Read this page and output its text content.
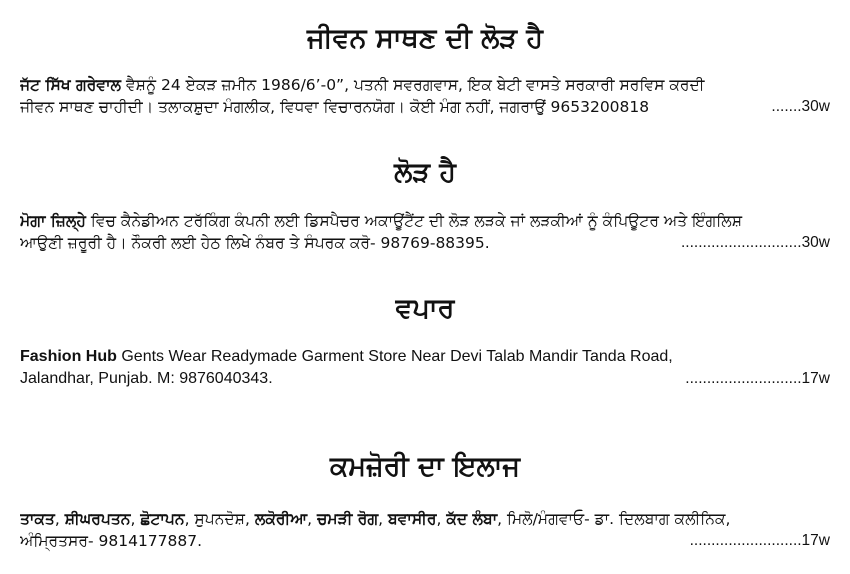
ਜੀਵਨ ਸਾਥਣ ਦੀ ਲੋੜ ਹੈ
ਜੱਟ ਸਿੱਖ ਗਰੇਵਾਲ ਵੈਸ਼ਨੂੰ 24 ਏਕੜ ਜ਼ਮੀਨ 1986/6’-0”, ਪਤਨੀ ਸਵਰਗਵਾਸ, ਇਕ ਬੇਟੀ ਵਾਸਤੇ ਸਰਕਾਰੀ ਸਰਵਿਸ ਕਰਦੀ
ਜੀਵਨ ਸਾਥਣ ਚਾਹੀਦੀ। ਤਲਾਕਸ਼ੁਦਾ ਮੰਗਲੀਕ, ਵਿਧਵਾ ਵਿਚਾਰਨਯੋਗ। ਕੋਈ ਮੰਗ ਨਹੀਂ, ਜਗਰਾਉਂ 9653200818	.......30w
ਲੋੜ ਹੈ
ਮੋਗਾ ਜ਼ਿਲ੍ਹੇ ਵਿਚ ਕੈਨੇਡੀਅਨ ਟਰੱਕਿੰਗ ਕੰਪਨੀ ਲਈ ਡਿਸਪੈਚਰ ਅਕਾਊਂਟੈਂਟ ਦੀ ਲੋੜ ਲੜਕੇ ਜਾਂ ਲੜਕੀਆਂ ਨੂੰ ਕੰਪਿਊਟਰ ਅਤੇ ਇੰਗਲਿਸ਼
ਆਉਣੀ ਜ਼ਰੂਰੀ ਹੈ। ਨੌਕਰੀ ਲਈ ਹੇਠ ਲਿਖੇ ਨੰਬਰ ਤੇ ਸੰਪਰਕ ਕਰੋ- 98769-88395.	............................30w
ਵਪਾਰ
Fashion Hub Gents Wear Readymade Garment Store Near Devi Talab Mandir Tanda Road,
Jalandhar, Punjab. M: 9876040343.	...........................17w
ਕਮਜ਼ੋਰੀ ਦਾ ਇਲਾਜ
ਤਾਕਤ, ਸ਼ੀਘਰਪਤਨ, ਛੋਟਾਪਨ, ਸੁਪਨਦੋਸ਼, ਲਕੋਰੀਆ, ਚਮੜੀ ਰੋਗ, ਬਵਾਸੀਰ, ਕੱਦ ਲੰਬਾ, ਮਿਲੋ/ਮੰਗਵਾਓ- ਡਾ. ਦਿਲਬਾਗ ਕਲੀਨਿਕ,
ਅੰਮ੍ਰਿਤਸਰ- 9814177887.	..........................17w
